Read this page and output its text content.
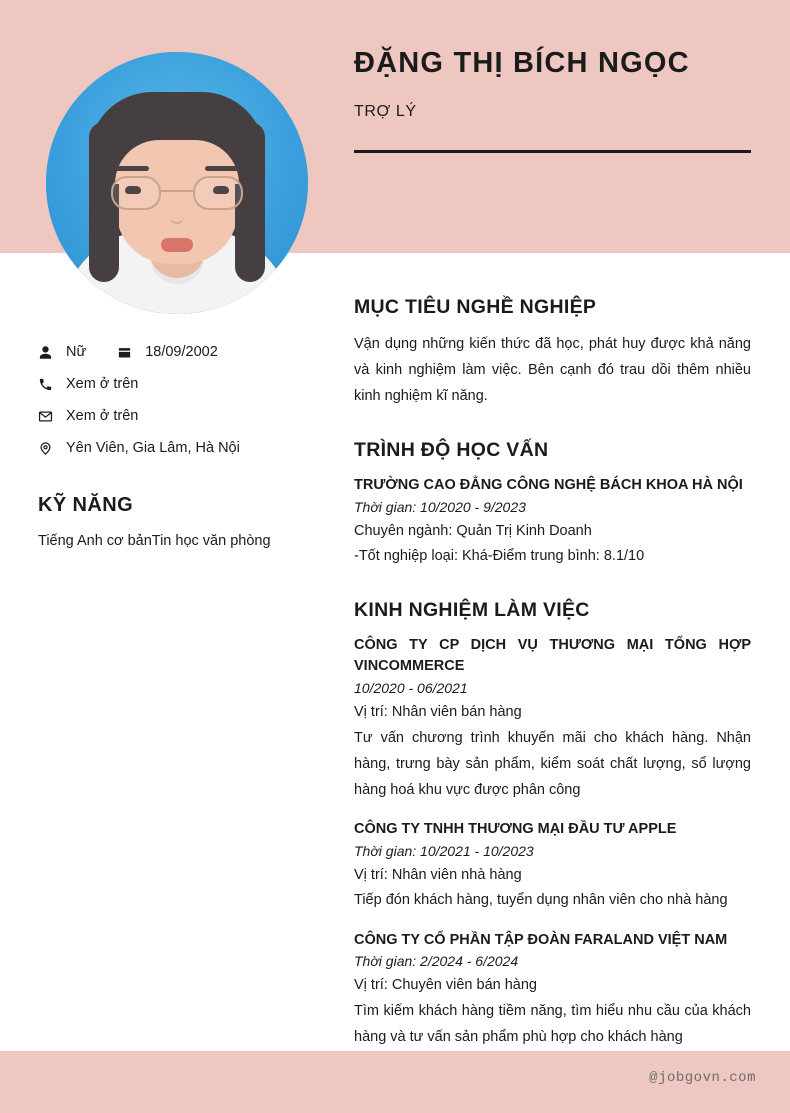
ĐẶNG THỊ BÍCH NGỌC
TRỢ LÝ
Nữ	18/09/2002
Xem ở trên
Xem ở trên
Yên Viên, Gia Lâm, Hà Nội
KỸ NĂNG
Tiếng Anh cơ bảnTin học văn phòng
MỤC TIÊU NGHỀ NGHIỆP
Vận dụng những kiến thức đã học, phát huy được khả năng và kinh nghiệm làm việc. Bên cạnh đó trau dồi thêm nhiều kinh nghiệm kĩ năng.
TRÌNH ĐỘ HỌC VẤN
TRƯỜNG CAO ĐẲNG CÔNG NGHỆ BÁCH KHOA HÀ NỘI
Thời gian: 10/2020 - 9/2023
Chuyên ngành: Quản Trị Kinh Doanh
-Tốt nghiệp loại: Khá-Điểm trung bình: 8.1/10
KINH NGHIỆM LÀM VIỆC
CÔNG TY CP DỊCH VỤ THƯƠNG MẠI TỔNG HỢP VINCOMMERCE
10/2020 - 06/2021
Vị trí: Nhân viên bán hàng
Tư vấn chương trình khuyến mãi cho khách hàng. Nhận hàng, trưng bày sản phẩm, kiểm soát chất lượng, sổ lượng hàng hoá khu vực được phân công
CÔNG TY TNHH THƯƠNG MẠI ĐẦU TƯ APPLE
Thời gian: 10/2021 - 10/2023
Vị trí: Nhân viên nhà hàng
Tiếp đón khách hàng, tuyển dụng nhân viên cho nhà hàng
CÔNG TY CỔ PHẦN TẬP ĐOÀN FARALAND VIỆT NAM
Thời gian: 2/2024 - 6/2024
Vị trí: Chuyên viên bán hàng
Tìm kiếm khách hàng tiềm năng, tìm hiểu nhu cầu của khách hàng và tư vấn sản phẩm phù hợp cho khách hàng
@jobgovn.com
